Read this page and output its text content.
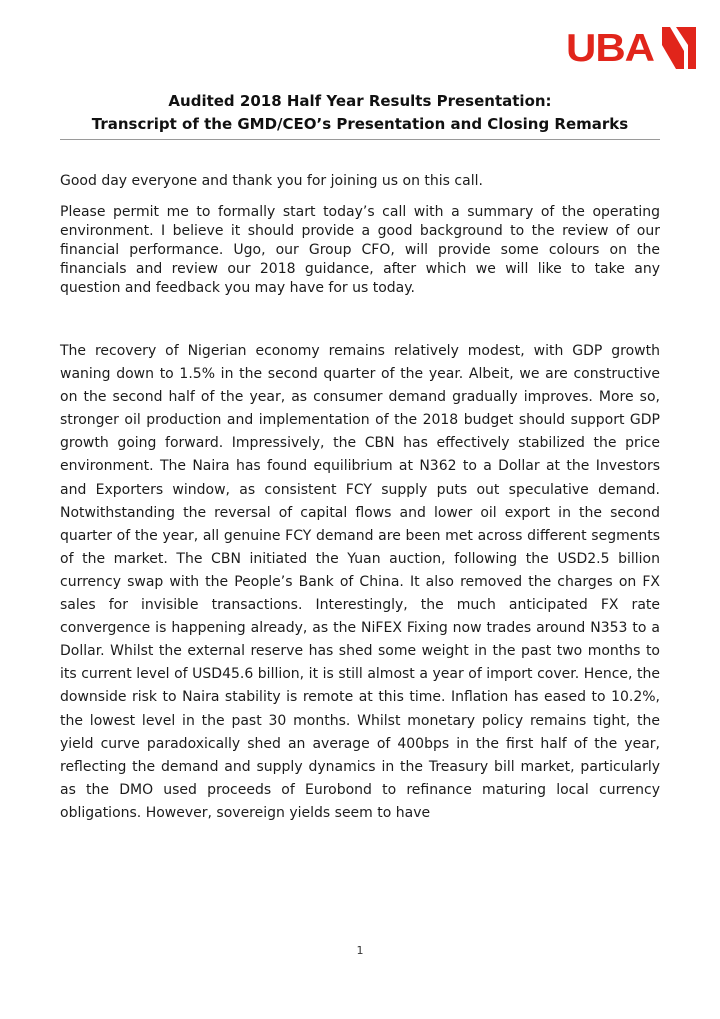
UBA
Audited 2018 Half Year Results Presentation:
Transcript of the GMD/CEO’s Presentation and Closing Remarks

Good day everyone and thank you for joining us on this call.

Please permit me to formally start today’s call with a summary of the operating environment. I believe it should provide a good background to the review of our financial performance. Ugo, our Group CFO, will provide some colours on the financials and review our 2018 guidance, after which we will like to take any question and feedback you may have for us today.

The recovery of Nigerian economy remains relatively modest, with GDP growth waning down to 1.5% in the second quarter of the year. Albeit, we are constructive on the second half of the year, as consumer demand gradually improves. More so, stronger oil production and implementation of the 2018 budget should support GDP growth going forward. Impressively, the CBN has effectively stabilized the price environment. The Naira has found equilibrium at N362 to a Dollar at the Investors and Exporters window, as consistent FCY supply puts out speculative demand. Notwithstanding the reversal of capital flows and lower oil export in the second quarter of the year, all genuine FCY demand are been met across different segments of the market. The CBN initiated the Yuan auction, following the USD2.5 billion currency swap with the People’s Bank of China. It also removed the charges on FX sales for invisible transactions. Interestingly, the much anticipated FX rate convergence is happening already, as the NiFEX Fixing now trades around N353 to a Dollar. Whilst the external reserve has shed some weight in the past two months to its current level of USD45.6 billion, it is still almost a year of import cover. Hence, the downside risk to Naira stability is remote at this time. Inflation has eased to 10.2%, the lowest level in the past 30 months. Whilst monetary policy remains tight, the yield curve paradoxically shed an average of 400bps in the first half of the year, reflecting the demand and supply dynamics in the Treasury bill market, particularly as the DMO used proceeds of Eurobond to refinance maturing local currency obligations. However, sovereign yields seem to have

1
